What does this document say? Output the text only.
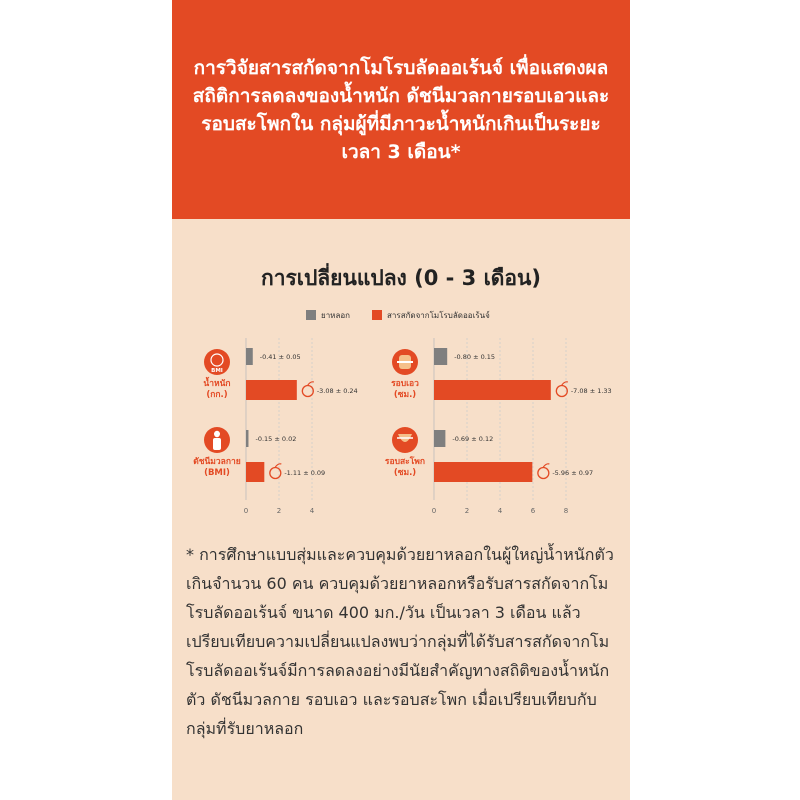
การวิจัยสารสกัดจากโมโรบลัดออเร้นจ์ เพื่อแสดงผลสถิติการลดลงของน้ำหนัก ดัชนีมวลกายรอบเอวและรอบสะโพกใน กลุ่มผู้ที่มีภาวะน้ำหนักเกินเป็นระยะเวลา 3 เดือน*
การเปลี่ยนแปลง (0 - 3 เดือน)
ยาหลอก	สารสกัดจากโมโรบลัดออเร้นจ์
0	2	4	0	2	4	6	8
BMI
น้ำหนัก
(กก.)
-0.41 ± 0.05
-3.08 ± 0.24
รอบเอว
(ซม.)
-0.80 ± 0.15
-7.08 ± 1.33
ดัชนีมวลกาย
(BMI)
-0.15 ± 0.02
-1.11 ± 0.09
รอบสะโพก
(ซม.)
-0.69 ± 0.12
-5.96 ± 0.97
* การศึกษาแบบสุ่มและควบคุมด้วยยาหลอกในผู้ใหญ่น้ำหนักตัวเกินจำนวน 60 คน ควบคุมด้วยยาหลอกหรือรับสารสกัดจากโมโรบลัดออเร้นจ์ ขนาด 400 มก./วัน เป็นเวลา 3 เดือน แล้วเปรียบเทียบความเปลี่ยนแปลงพบว่ากลุ่มที่ได้รับสารสกัดจากโมโรบลัดออเร้นจ์มีการลดลงอย่างมีนัยสำคัญทางสถิติของน้ำหนักตัว ดัชนีมวลกาย รอบเอว และรอบสะโพก เมื่อเปรียบเทียบกับกลุ่มที่รับยาหลอก
